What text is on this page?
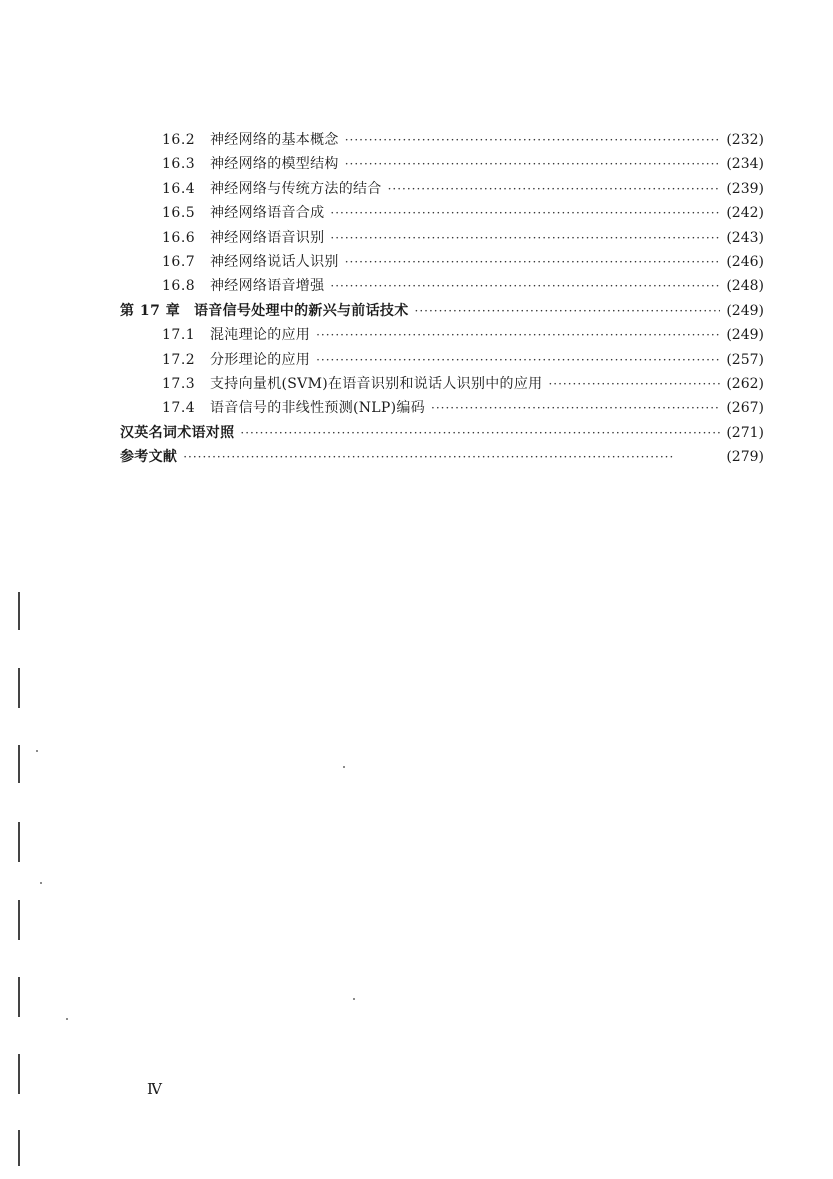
16.2	神经网络的基本概念 ·····	( 232 )
16.3	神经网络的模型结构 ·····	( 234 )
16.4	神经网络与传统方法的结合 ·····	( 239 )
16.5	神经网络语音合成 ·····	( 242 )
16.6	神经网络语音识别 ·····	( 243 )
16.7	神经网络说话人识别 ·····	( 246 )
16.8	神经网络语音增强 ·····	( 248 )
第 17 章 语音信号处理中的新兴与前话技术 ·····	( 249 )
17.1	混沌理论的应用 ·····	( 249 )
17.2	分形理论的应用 ·····	( 257 )
17.3	支持向量机(SVM)在语音识别和说话人识别中的应用 ·····	( 262 )
17.4	语音信号的非线性预测(NLP)编码 ·····	( 267 )
汉英名词术语对照 ·····	( 271 )
参考文献 ·····	( 279 )
Ⅳ
